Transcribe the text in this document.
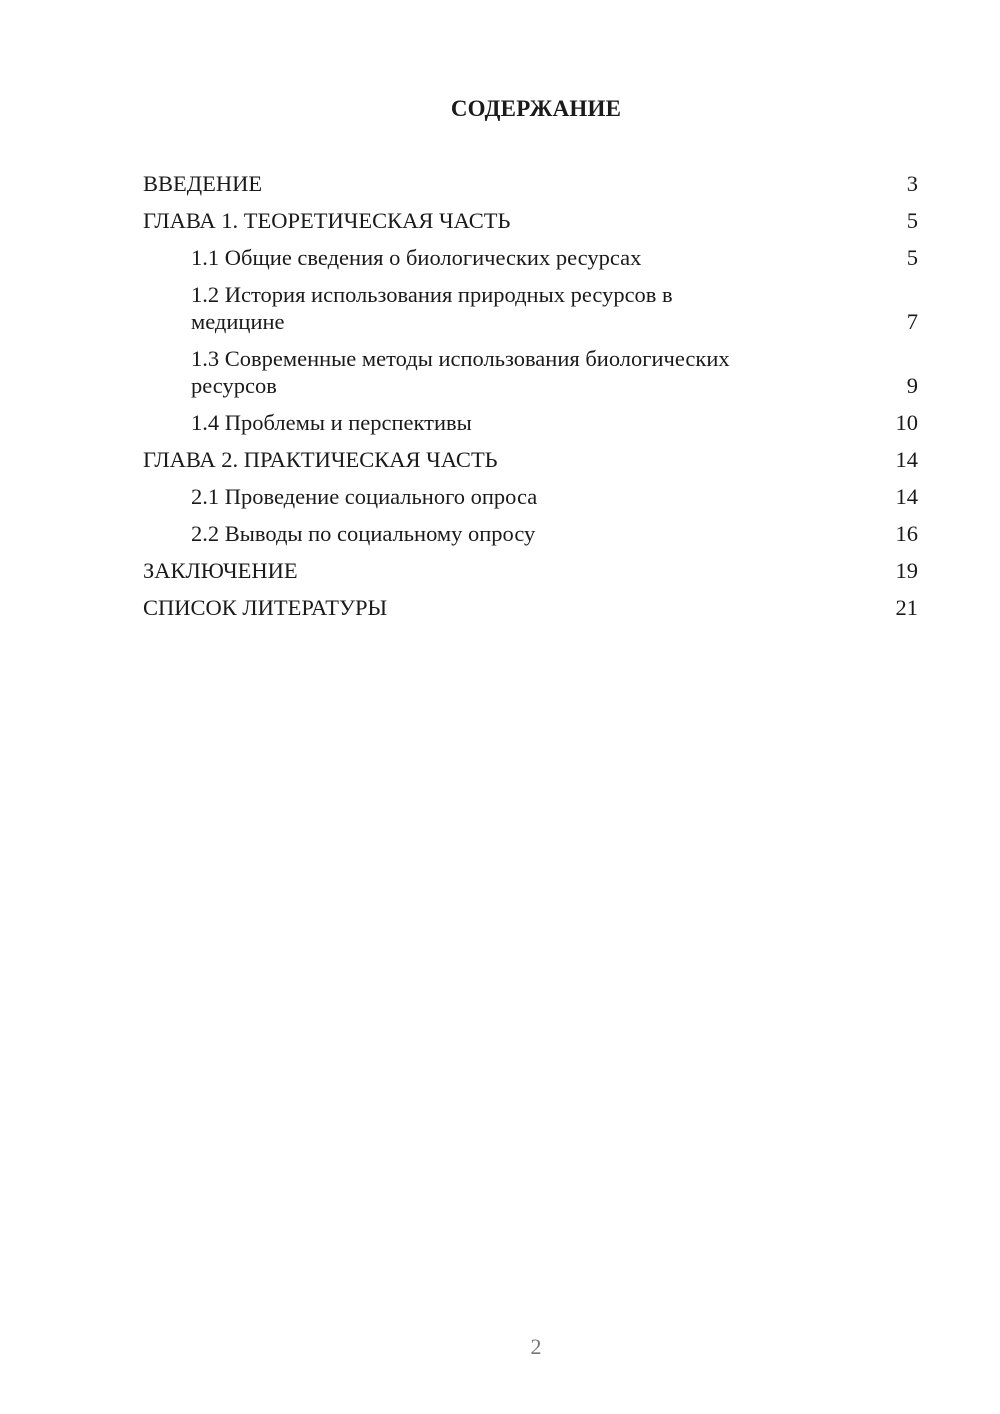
СОДЕРЖАНИЕ
ВВЕДЕНИЕ	3
ГЛАВА 1. ТЕОРЕТИЧЕСКАЯ ЧАСТЬ	5
1.1 Общие сведения о биологических ресурсах	5
1.2 История использования природных ресурсов в медицине	7
1.3 Современные методы использования биологических ресурсов	9
1.4 Проблемы и перспективы	10
ГЛАВА 2. ПРАКТИЧЕСКАЯ ЧАСТЬ	14
2.1 Проведение социального опроса	14
2.2 Выводы по социальному опросу	16
ЗАКЛЮЧЕНИЕ	19
СПИСОК ЛИТЕРАТУРЫ	21
2
